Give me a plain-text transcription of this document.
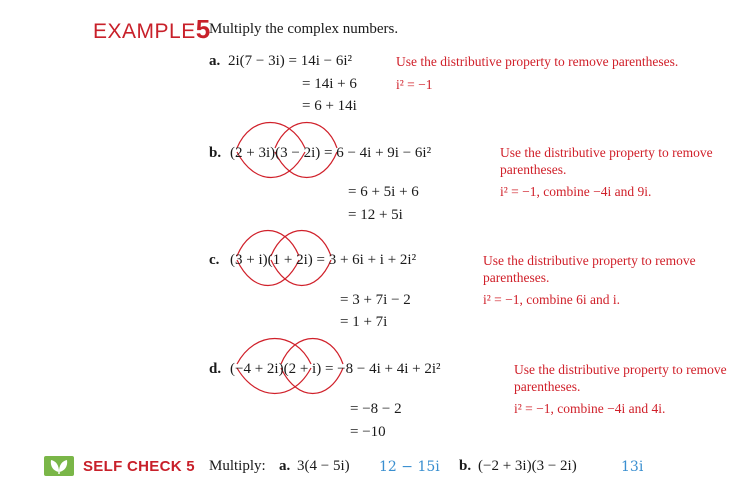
EXAMPLE5
Multiply the complex numbers.
a. 2i(7 − 3i) = 14i − 6i²
= 14i + 6
= 6 + 14i
Use the distributive property to remove parentheses.
i² = −1
b. (2 + 3i)(3 − 2i) = 6 − 4i + 9i − 6i²
= 6 + 5i + 6
= 12 + 5i
Use the distributive property to remove
parentheses.
i² = −1, combine −4i and 9i.
c. (3 + i)(1 + 2i) = 3 + 6i + i + 2i²
= 3 + 7i − 2
= 1 + 7i
Use the distributive property to remove
parentheses.
i² = −1, combine 6i and i.
d. (−4 + 2i)(2 + i) = −8 − 4i + 4i + 2i²
= −8 − 2
= −10
Use the distributive property to remove
parentheses.
i² = −1, combine −4i and 4i.
SELF CHECK 5 Multiply: a. 3(4 − 5i) 12 − 15i b. (−2 + 3i)(3 − 2i)	13i
